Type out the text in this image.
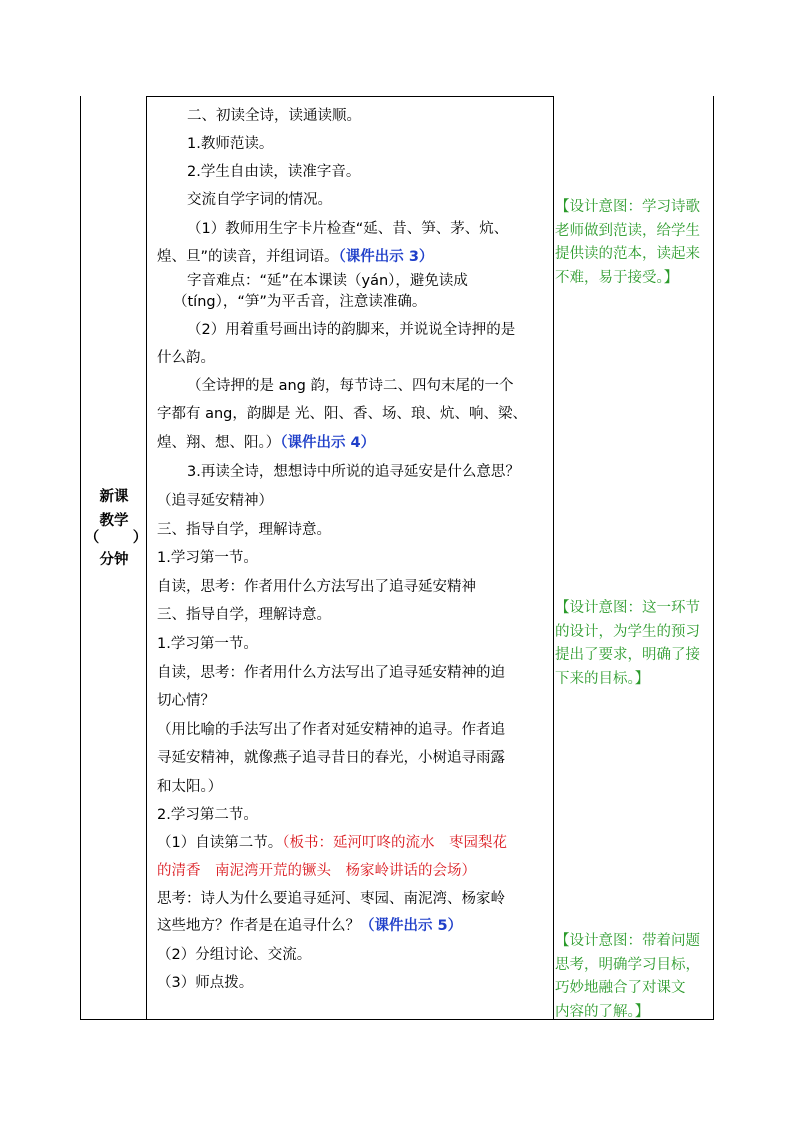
新课
教学
（	）
分钟
二、初读全诗，读通读顺。
1.教师范读。
2.学生自由读，读准字音。
交流自学字词的情况。
（1）教师用生字卡片检查“延、昔、笋、茅、炕、
煌、旦”的读音，并组词语。（课件出示 3）
字音难点：“延”在本课读（yán），避免读成
（tíng），“笋”为平舌音，注意读准确。
（2）用着重号画出诗的韵脚来，并说说全诗押的是
什么韵。
（全诗押的是 ang 韵，每节诗二、四句末尾的一个
字都有 ang，韵脚是 光、阳、香、场、琅、炕、响、梁、
煌、翔、想、阳。）（课件出示 4）
3.再读全诗，想想诗中所说的追寻延安是什么意思？
（追寻延安精神）
三、指导自学，理解诗意。
1.学习第一节。
自读，思考：作者用什么方法写出了追寻延安精神
三、指导自学，理解诗意。
1.学习第一节。
自读，思考：作者用什么方法写出了追寻延安精神的迫
切心情？
（用比喻的手法写出了作者对延安精神的追寻。作者追
寻延安精神，就像燕子追寻昔日的春光，小树追寻雨露
和太阳。）
2.学习第二节。
（1）自读第二节。（板书：延河叮咚的流水　枣园梨花
的清香　南泥湾开荒的镢头　杨家岭讲话的会场）
思考：诗人为什么要追寻延河、枣园、南泥湾、杨家岭
这些地方？作者是在追寻什么？（课件出示 5）
（2）分组讨论、交流。
（3）师点拨。
【设计意图：学习诗歌
老师做到范读，给学生
提供读的范本，读起来
不难，易于接受。】
【设计意图：这一环节
的设计，为学生的预习
提出了要求，明确了接
下来的目标。】
【设计意图：带着问题
思考，明确学习目标，
巧妙地融合了对课文
内容的了解。】
